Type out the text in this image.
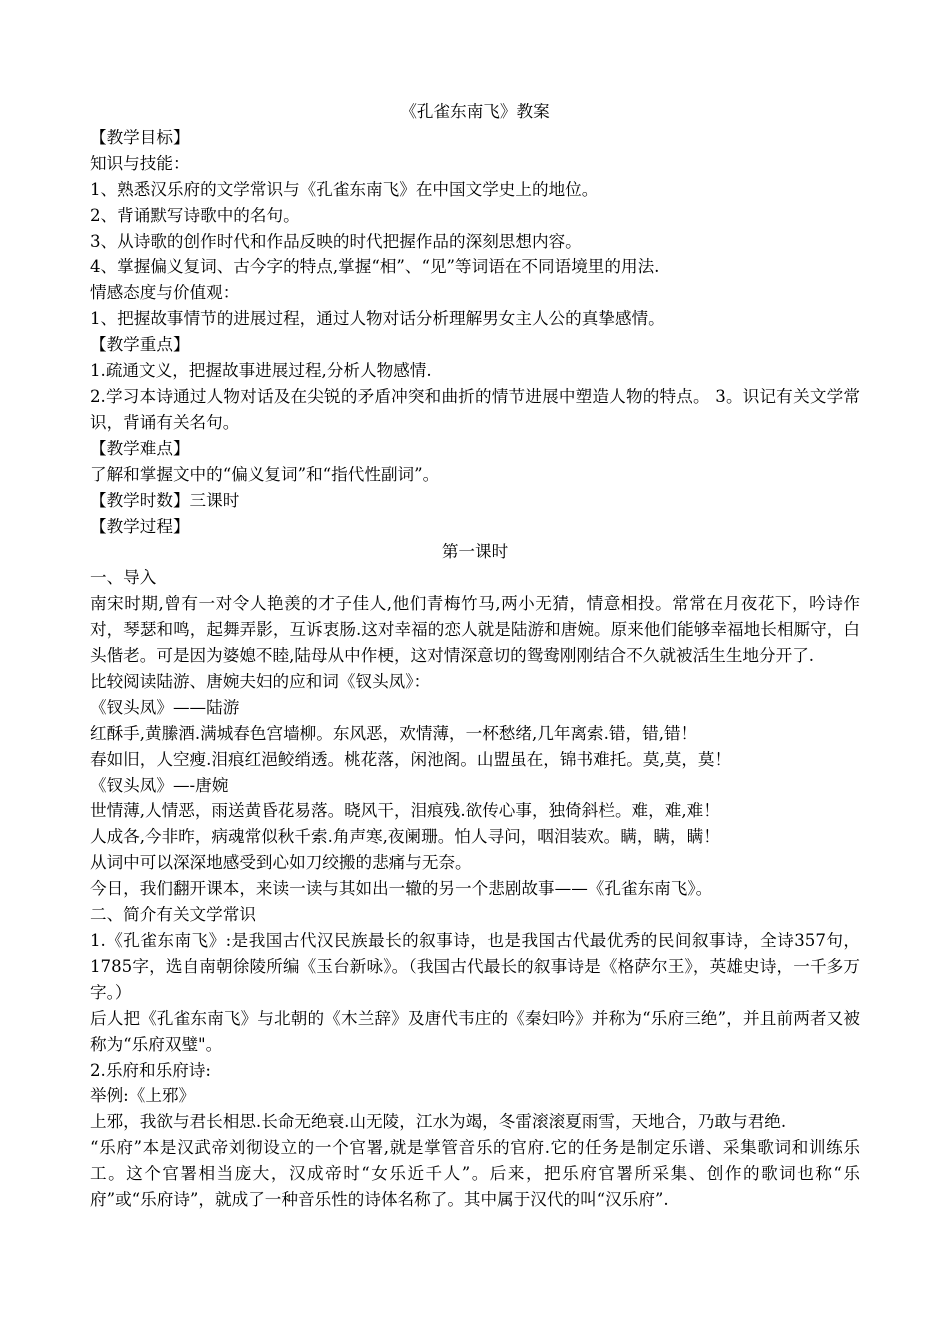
《孔雀东南飞》教案

【教学目标】

知识与技能：

1、熟悉汉乐府的文学常识与《孔雀东南飞》在中国文学史上的地位。

2、背诵默写诗歌中的名句。

3、从诗歌的创作时代和作品反映的时代把握作品的深刻思想内容。

4、掌握偏义复词、古今字的特点,掌握“相”、“见”等词语在不同语境里的用法.

情感态度与价值观：

1、把握故事情节的进展过程，通过人物对话分析理解男女主人公的真挚感情。

【教学重点】

1.疏通文义，把握故事进展过程,分析人物感情.

2.学习本诗通过人物对话及在尖锐的矛盾冲突和曲折的情节进展中塑造人物的特点。 3。识记有关文学常识，背诵有关名句。

【教学难点】

了解和掌握文中的“偏义复词”和“指代性副词”。

【教学时数】三课时

【教学过程】

第一课时

一、导入

南宋时期,曾有一对令人艳羡的才子佳人,他们青梅竹马,两小无猜，情意相投。常常在月夜花下，吟诗作对，琴瑟和鸣，起舞弄影，互诉衷肠.这对幸福的恋人就是陆游和唐婉。原来他们能够幸福地长相厮守，白头偕老。可是因为婆媳不睦,陆母从中作梗，这对情深意切的鸳鸯刚刚结合不久就被活生生地分开了.

比较阅读陆游、唐婉夫妇的应和词《钗头凤》：

《钗头凤》——陆游

红酥手,黄縢酒.满城春色宫墙柳。东风恶，欢情薄，一杯愁绪,几年离索.错，错,错！

春如旧，人空瘦.泪痕红浥鲛绡透。桃花落，闲池阁。山盟虽在，锦书难托。莫,莫，莫！

《钗头凤》—-唐婉

世情薄,人情恶，雨送黄昏花易落。晓风干，泪痕残.欲传心事，独倚斜栏。难，难,难！

人成各,今非昨，病魂常似秋千索.角声寒,夜阑珊。怕人寻问，咽泪装欢。瞒，瞒，瞒！

从词中可以深深地感受到心如刀绞搬的悲痛与无奈。

今日，我们翻开课本，来读一读与其如出一辙的另一个悲剧故事——《孔雀东南飞》。

二、简介有关文学常识

1.《孔雀东南飞》:是我国古代汉民族最长的叙事诗，也是我国古代最优秀的民间叙事诗，全诗357句，1785字，选自南朝徐陵所编《玉台新咏》。（我国古代最长的叙事诗是《格萨尔王》，英雄史诗，一千多万字。）

后人把《孔雀东南飞》与北朝的《木兰辞》及唐代韦庄的《秦妇吟》并称为“乐府三绝”，并且前两者又被称为“乐府双璧"。

2.乐府和乐府诗:

举例:《上邪》

上邪，我欲与君长相思.长命无绝衰.山无陵，江水为竭，冬雷滚滚夏雨雪，天地合，乃敢与君绝.

“乐府”本是汉武帝刘彻设立的一个官署,就是掌管音乐的官府.它的任务是制定乐谱、采集歌词和训练乐工。这个官署相当庞大，汉成帝时“女乐近千人”。后来，把乐府官署所采集、创作的歌词也称“乐府”或“乐府诗”，就成了一种音乐性的诗体名称了。其中属于汉代的叫“汉乐府”.
